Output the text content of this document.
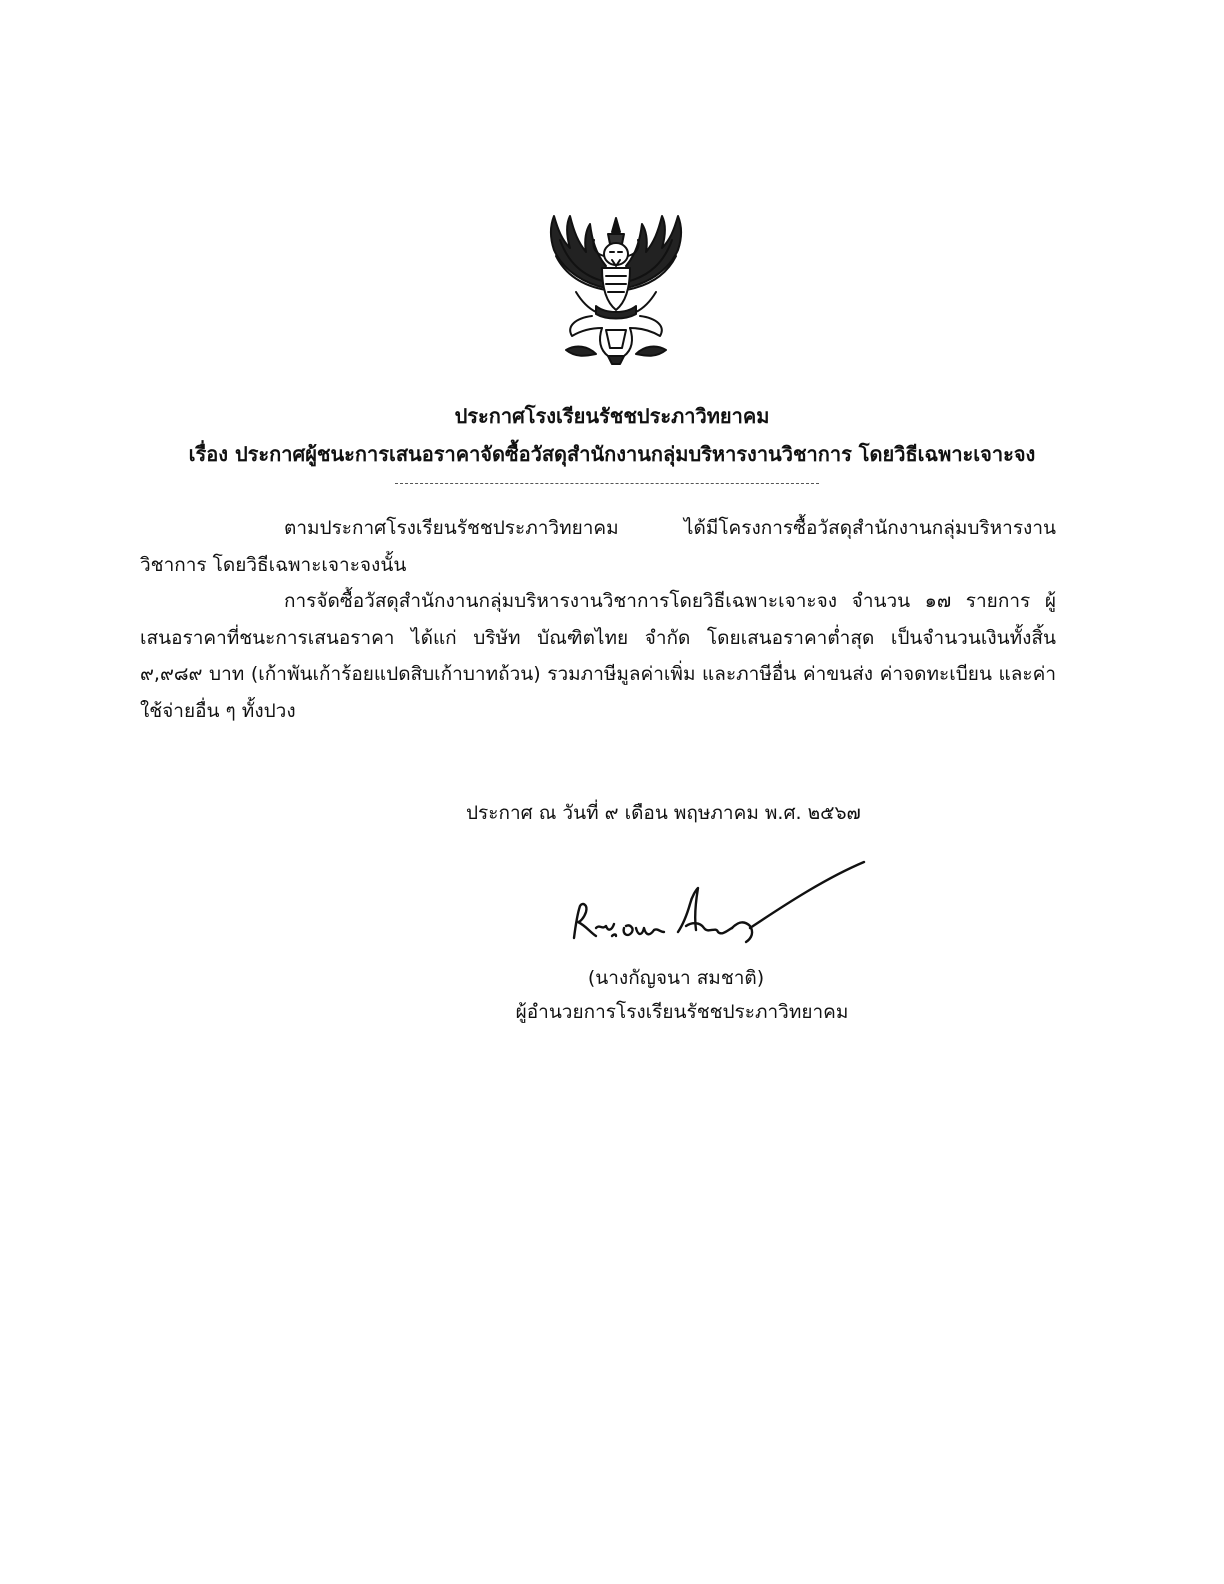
ประกาศโรงเรียนรัชชประภาวิทยาคม
เรื่อง ประกาศผู้ชนะการเสนอราคาจัดซื้อวัสดุสำนักงานกลุ่มบริหารงานวิชาการ โดยวิธีเฉพาะเจาะจง
ตามประกาศโรงเรียนรัชชประภาวิทยาคม ได้มีโครงการซื้อวัสดุสำนักงานกลุ่มบริหารงานวิชาการ โดยวิธีเฉพาะเจาะจงนั้น
การจัดซื้อวัสดุสำนักงานกลุ่มบริหารงานวิชาการโดยวิธีเฉพาะเจาะจง จำนวน ๑๗ รายการ ผู้เสนอราคาที่ชนะการเสนอราคา ได้แก่ บริษัท บัณฑิตไทย จำกัด โดยเสนอราคาต่ำสุด เป็นจำนวนเงินทั้งสิ้น ๙,๙๘๙ บาท (เก้าพันเก้าร้อยแปดสิบเก้าบาทถ้วน) รวมภาษีมูลค่าเพิ่ม และภาษีอื่น ค่าขนส่ง ค่าจดทะเบียน และค่าใช้จ่ายอื่น ๆ ทั้งปวง
ประกาศ ณ วันที่ ๙ เดือน พฤษภาคม พ.ศ. ๒๕๖๗
(นางกัญจนา สมชาติ)
ผู้อำนวยการโรงเรียนรัชชประภาวิทยาคม
